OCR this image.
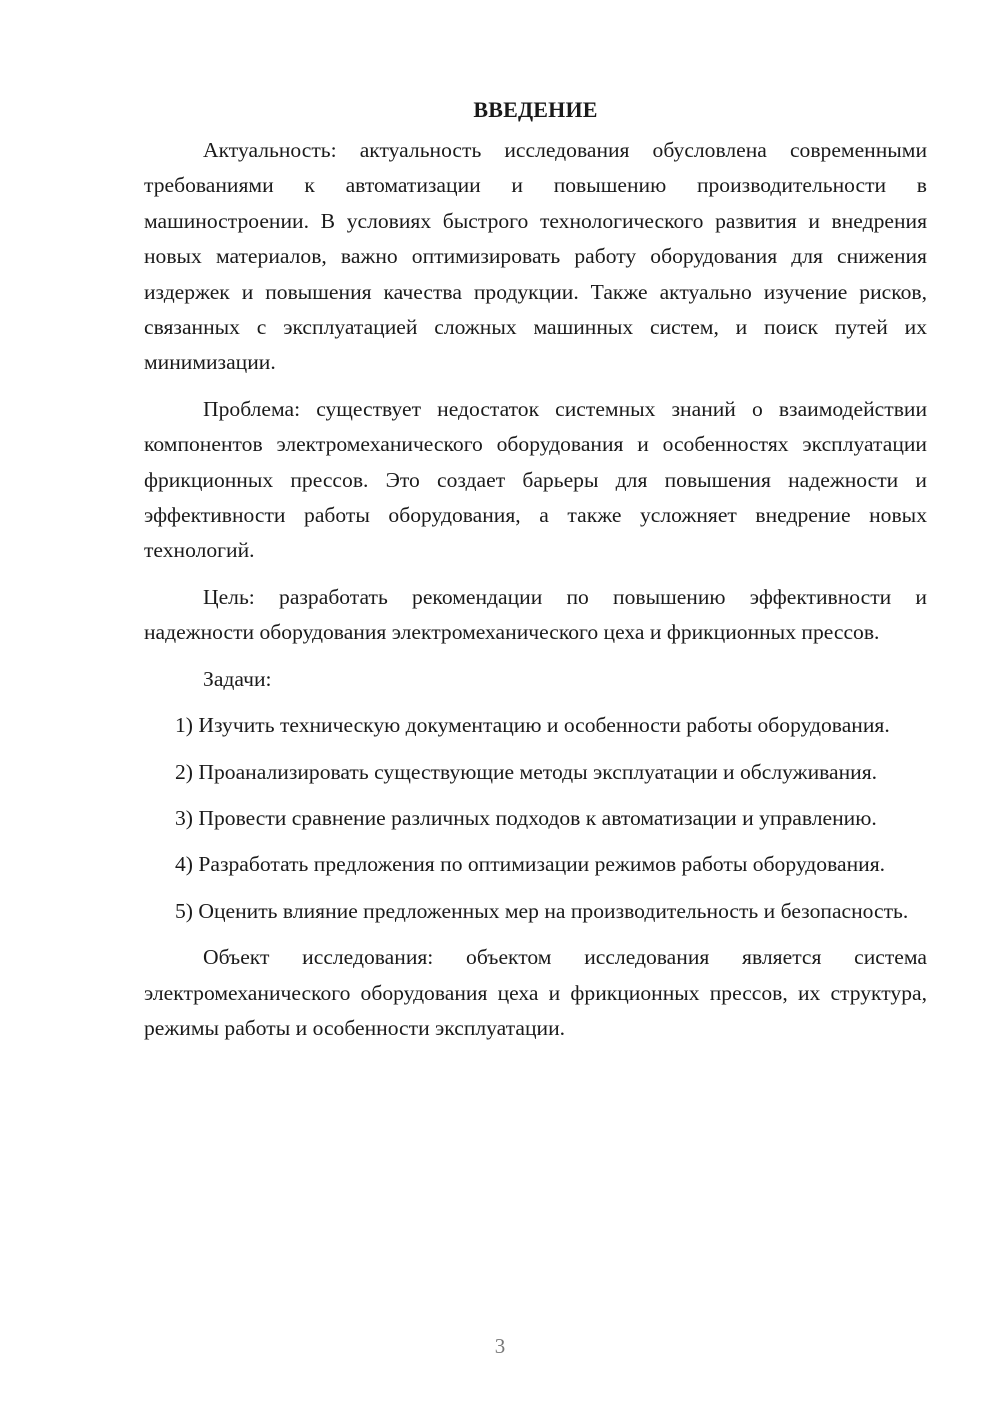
ВВЕДЕНИЕ

Актуальность: актуальность исследования обусловлена современными требованиями к автоматизации и повышению производительности в машиностроении. В условиях быстрого технологического развития и внедрения новых материалов, важно оптимизировать работу оборудования для снижения издержек и повышения качества продукции. Также актуально изучение рисков, связанных с эксплуатацией сложных машинных систем, и поиск путей их минимизации.

Проблема: существует недостаток системных знаний о взаимодействии компонентов электромеханического оборудования и особенностях эксплуатации фрикционных прессов. Это создает барьеры для повышения надежности и эффективности работы оборудования, а также усложняет внедрение новых технологий.

Цель: разработать рекомендации по повышению эффективности и надежности оборудования электромеханического цеха и фрикционных прессов.

Задачи:

1) Изучить техническую документацию и особенности работы оборудования.

2) Проанализировать существующие методы эксплуатации и обслуживания.

3) Провести сравнение различных подходов к автоматизации и управлению.

4) Разработать предложения по оптимизации режимов работы оборудования.

5) Оценить влияние предложенных мер на производительность и безопасность.

Объект исследования: объектом исследования является система электромеханического оборудования цеха и фрикционных прессов, их структура, режимы работы и особенности эксплуатации.

3
